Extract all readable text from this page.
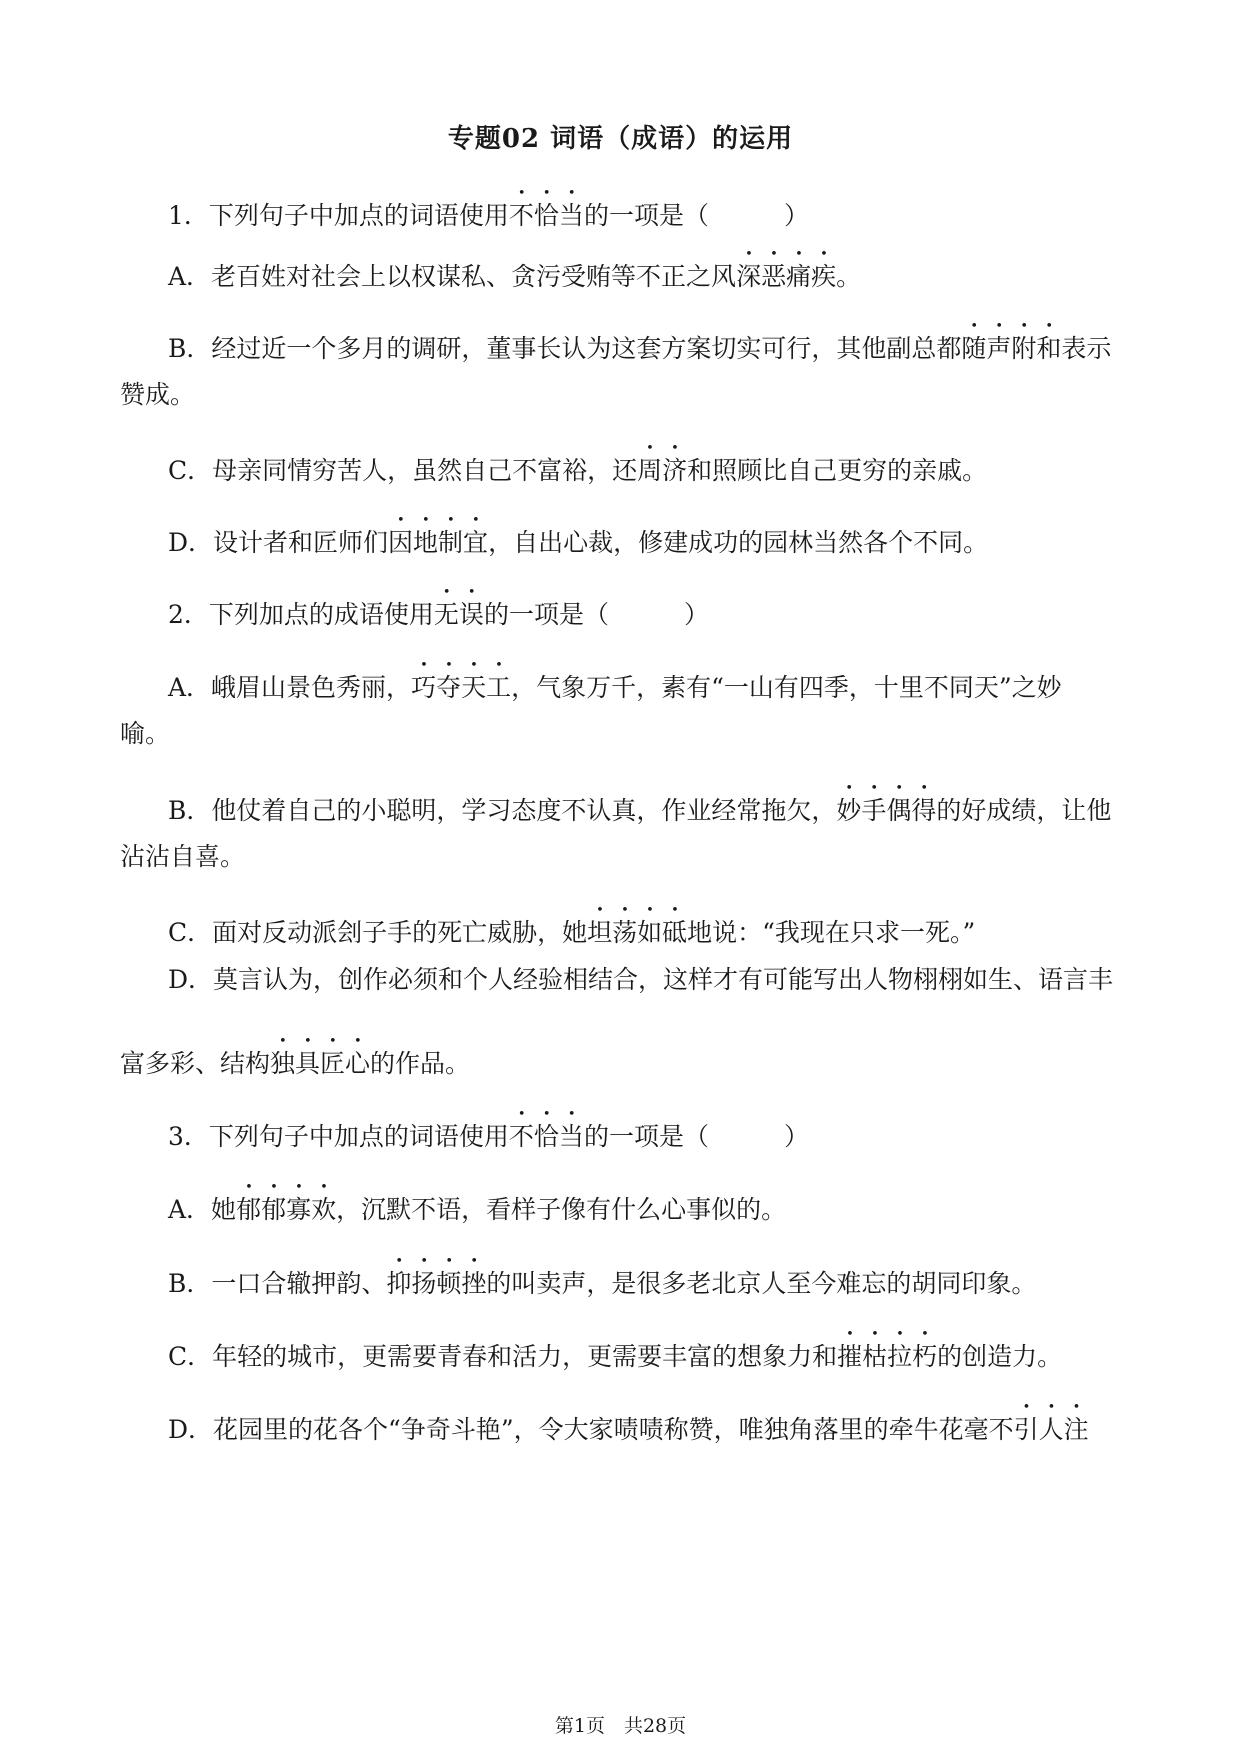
专题02 词语（成语）的运用
1．下列句子中加点的词语使用不恰当的一项是（　　　）
A．老百姓对社会上以权谋私、贪污受贿等不正之风深恶痛疾。
B．经过近一个多月的调研，董事长认为这套方案切实可行，其他副总都随声附和表示
赞成。
C．母亲同情穷苦人，虽然自己不富裕，还周济和照顾比自己更穷的亲戚。
D．设计者和匠师们因地制宜，自出心裁，修建成功的园林当然各个不同。
2．下列加点的成语使用无误的一项是（　　　）
A．峨眉山景色秀丽，巧夺天工，气象万千，素有“一山有四季，十里不同天”之妙
喻。
B．他仗着自己的小聪明，学习态度不认真，作业经常拖欠，妙手偶得的好成绩，让他
沾沾自喜。
C．面对反动派刽子手的死亡威胁，她坦荡如砥地说：“我现在只求一死。”
D．莫言认为，创作必须和个人经验相结合，这样才有可能写出人物栩栩如生、语言丰
富多彩、结构独具匠心的作品。
3．下列句子中加点的词语使用不恰当的一项是（　　　）
A．她郁郁寡欢，沉默不语，看样子像有什么心事似的。
B．一口合辙押韵、抑扬顿挫的叫卖声，是很多老北京人至今难忘的胡同印象。
C．年轻的城市，更需要青春和活力，更需要丰富的想象力和摧枯拉朽的创造力。
D．花园里的花各个“争奇斗艳”，令大家啧啧称赞，唯独角落里的牵牛花毫不引人注
第1页　共28页
